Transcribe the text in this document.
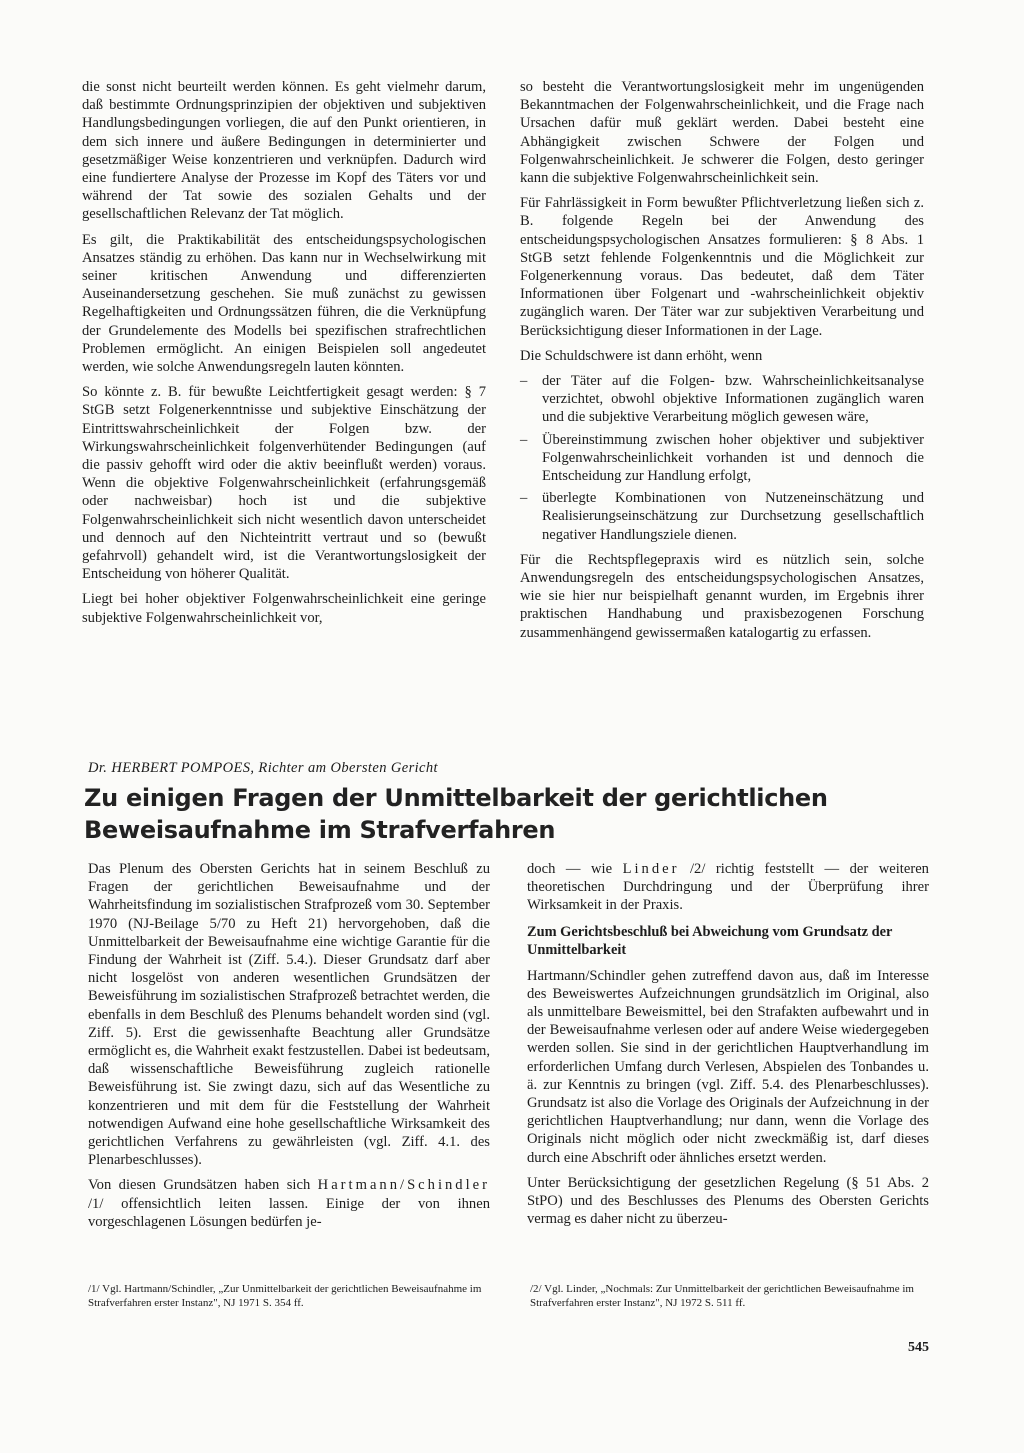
die sonst nicht beurteilt werden können. Es geht vielmehr darum, daß bestimmte Ordnungsprinzipien der objektiven und subjektiven Handlungsbedingungen vorliegen, die auf den Punkt orientieren, in dem sich innere und äußere Bedingungen in determinierter und gesetzmäßiger Weise konzentrieren und verknüpfen. Dadurch wird eine fundiertere Analyse der Prozesse im Kopf des Täters vor und während der Tat sowie des sozialen Gehalts und der gesellschaftlichen Relevanz der Tat möglich.

Es gilt, die Praktikabilität des entscheidungspsychologischen Ansatzes ständig zu erhöhen. Das kann nur in Wechselwirkung mit seiner kritischen Anwendung und differenzierten Auseinandersetzung geschehen. Sie muß zunächst zu gewissen Regelhaftigkeiten und Ordnungssätzen führen, die die Verknüpfung der Grundelemente des Modells bei spezifischen strafrechtlichen Problemen ermöglicht. An einigen Beispielen soll angedeutet werden, wie solche Anwendungsregeln lauten könnten.

So könnte z. B. für bewußte Leichtfertigkeit gesagt werden: § 7 StGB setzt Folgenerkenntnisse und subjektive Einschätzung der Eintrittswahrscheinlichkeit der Folgen bzw. der Wirkungswahrscheinlichkeit folgenverhütender Bedingungen (auf die passiv gehofft wird oder die aktiv beeinflußt werden) voraus. Wenn die objektive Folgenwahrscheinlichkeit (erfahrungsgemäß oder nachweisbar) hoch ist und die subjektive Folgenwahrscheinlichkeit sich nicht wesentlich davon unterscheidet und dennoch auf den Nichteintritt vertraut und so (bewußt gefahrvoll) gehandelt wird, ist die Verantwortungslosigkeit der Entscheidung von höherer Qualität.

Liegt bei hoher objektiver Folgenwahrscheinlichkeit eine geringe subjektive Folgenwahrscheinlichkeit vor,

so besteht die Verantwortungslosigkeit mehr im ungenügenden Bekanntmachen der Folgenwahrscheinlichkeit, und die Frage nach Ursachen dafür muß geklärt werden. Dabei besteht eine Abhängigkeit zwischen Schwere der Folgen und Folgenwahrscheinlichkeit. Je schwerer die Folgen, desto geringer kann die subjektive Folgenwahrscheinlichkeit sein.

Für Fahrlässigkeit in Form bewußter Pflichtverletzung ließen sich z. B. folgende Regeln bei der Anwendung des entscheidungspsychologischen Ansatzes formulieren: § 8 Abs. 1 StGB setzt fehlende Folgenkenntnis und die Möglichkeit zur Folgenerkennung voraus. Das bedeutet, daß dem Täter Informationen über Folgenart und -wahrscheinlichkeit objektiv zugänglich waren. Der Täter war zur subjektiven Verarbeitung und Berücksichtigung dieser Informationen in der Lage.

Die Schuldschwere ist dann erhöht, wenn

– der Täter auf die Folgen- bzw. Wahrscheinlichkeitsanalyse verzichtet, obwohl objektive Informationen zugänglich waren und die subjektive Verarbeitung möglich gewesen wäre,
– Übereinstimmung zwischen hoher objektiver und subjektiver Folgenwahrscheinlichkeit vorhanden ist und dennoch die Entscheidung zur Handlung erfolgt,
– überlegte Kombinationen von Nutzeneinschätzung und Realisierungseinschätzung zur Durchsetzung gesellschaftlich negativer Handlungsziele dienen.

Für die Rechtspflegepraxis wird es nützlich sein, solche Anwendungsregeln des entscheidungspsychologischen Ansatzes, wie sie hier nur beispielhaft genannt wurden, im Ergebnis ihrer praktischen Handhabung und praxisbezogenen Forschung zusammenhängend gewissermaßen katalogartig zu erfassen.

Dr. HERBERT POMPOES, Richter am Obersten Gericht
Zu einigen Fragen der Unmittelbarkeit der gerichtlichen Beweisaufnahme im Strafverfahren

Das Plenum des Obersten Gerichts hat in seinem Beschluß zu Fragen der gerichtlichen Beweisaufnahme und der Wahrheitsfindung im sozialistischen Strafprozeß vom 30. September 1970 (NJ-Beilage 5/70 zu Heft 21) hervorgehoben, daß die Unmittelbarkeit der Beweisaufnahme eine wichtige Garantie für die Findung der Wahrheit ist (Ziff. 5.4.). Dieser Grundsatz darf aber nicht losgelöst von anderen wesentlichen Grundsätzen der Beweisführung im sozialistischen Strafprozeß betrachtet werden, die ebenfalls in dem Beschluß des Plenums behandelt worden sind (vgl. Ziff. 5). Erst die gewissenhafte Beachtung aller Grundsätze ermöglicht es, die Wahrheit exakt festzustellen. Dabei ist bedeutsam, daß wissenschaftliche Beweisführung zugleich rationelle Beweisführung ist. Sie zwingt dazu, sich auf das Wesentliche zu konzentrieren und mit dem für die Feststellung der Wahrheit notwendigen Aufwand eine hohe gesellschaftliche Wirksamkeit des gerichtlichen Verfahrens zu gewährleisten (vgl. Ziff. 4.1. des Plenarbeschlusses).

Von diesen Grundsätzen haben sich Hartmann/Schindler /1/ offensichtlich leiten lassen. Einige der von ihnen vorgeschlagenen Lösungen bedürfen je-

doch — wie Linder /2/ richtig feststellt — der weiteren theoretischen Durchdringung und der Überprüfung ihrer Wirksamkeit in der Praxis.

Zum Gerichtsbeschluß bei Abweichung vom Grundsatz der Unmittelbarkeit

Hartmann/Schindler gehen zutreffend davon aus, daß im Interesse des Beweiswertes Aufzeichnungen grundsätzlich im Original, also als unmittelbare Beweismittel, bei den Strafakten aufbewahrt und in der Beweisaufnahme verlesen oder auf andere Weise wiedergegeben werden sollen. Sie sind in der gerichtlichen Hauptverhandlung im erforderlichen Umfang durch Verlesen, Abspielen des Tonbandes u. ä. zur Kenntnis zu bringen (vgl. Ziff. 5.4. des Plenarbeschlusses). Grundsatz ist also die Vorlage des Originals der Aufzeichnung in der gerichtlichen Hauptverhandlung; nur dann, wenn die Vorlage des Originals nicht möglich oder nicht zweckmäßig ist, darf dieses durch eine Abschrift oder ähnliches ersetzt werden.

Unter Berücksichtigung der gesetzlichen Regelung (§ 51 Abs. 2 StPO) und des Beschlusses des Plenums des Obersten Gerichts vermag es daher nicht zu überzeu-

/1/ Vgl. Hartmann/Schindler, „Zur Unmittelbarkeit der gerichtlichen Beweisaufnahme im Strafverfahren erster Instanz", NJ 1971 S. 354 ff.
/2/ Vgl. Linder, „Nochmals: Zur Unmittelbarkeit der gerichtlichen Beweisaufnahme im Strafverfahren erster Instanz", NJ 1972 S. 511 ff.
545
